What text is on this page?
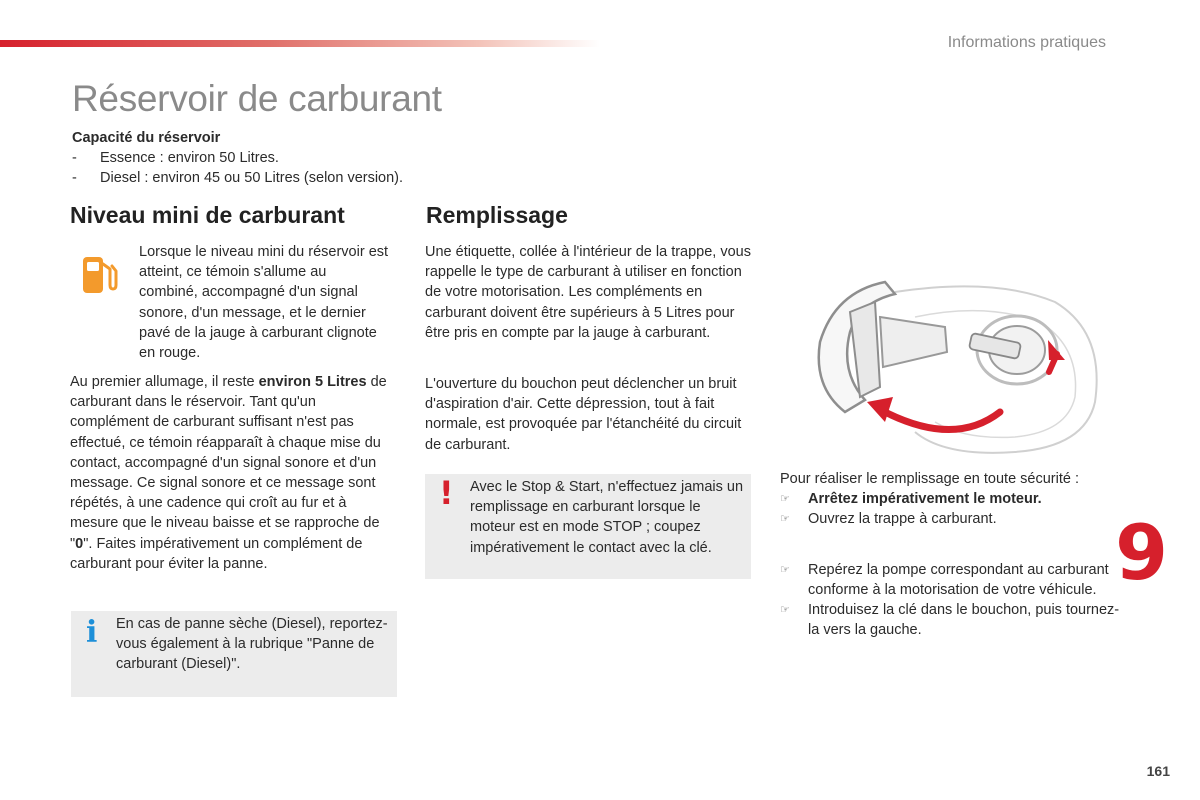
Informations pratiques
Réservoir de carburant
Capacité du réservoir
- Essence : environ 50 Litres.
- Diesel : environ 45 ou 50 Litres (selon version).
Niveau mini de carburant
Lorsque le niveau mini du réservoir est atteint, ce témoin s'allume au combiné, accompagné d'un signal sonore, d'un message, et le dernier pavé de la jauge à carburant clignote en rouge.
Au premier allumage, il reste environ 5 Litres de carburant dans le réservoir. Tant qu'un complément de carburant suffisant n'est pas effectué, ce témoin réapparaît à chaque mise du contact, accompagné d'un signal sonore et d'un message. Ce signal sonore et ce message sont répétés, à une cadence qui croît au fur et à mesure que le niveau baisse et se rapproche de "0". Faites impérativement un complément de carburant pour éviter la panne.
i En cas de panne sèche (Diesel), reportez-vous également à la rubrique "Panne de carburant (Diesel)".
Remplissage
Une étiquette, collée à l'intérieur de la trappe, vous rappelle le type de carburant à utiliser en fonction de votre motorisation. Les compléments en carburant doivent être supérieurs à 5 Litres pour être pris en compte par la jauge à carburant.
L'ouverture du bouchon peut déclencher un bruit d'aspiration d'air. Cette dépression, tout à fait normale, est provoquée par l'étanchéité du circuit de carburant.
! Avec le Stop & Start, n'effectuez jamais un remplissage en carburant lorsque le moteur est en mode STOP ; coupez impérativement le contact avec la clé.
Pour réaliser le remplissage en toute sécurité :
☞ Arrêtez impérativement le moteur.
☞ Ouvrez la trappe à carburant.
☞ Repérez la pompe correspondant au carburant conforme à la motorisation de votre véhicule.
☞ Introduisez la clé dans le bouchon, puis tournez-la vers la gauche.
9
161
